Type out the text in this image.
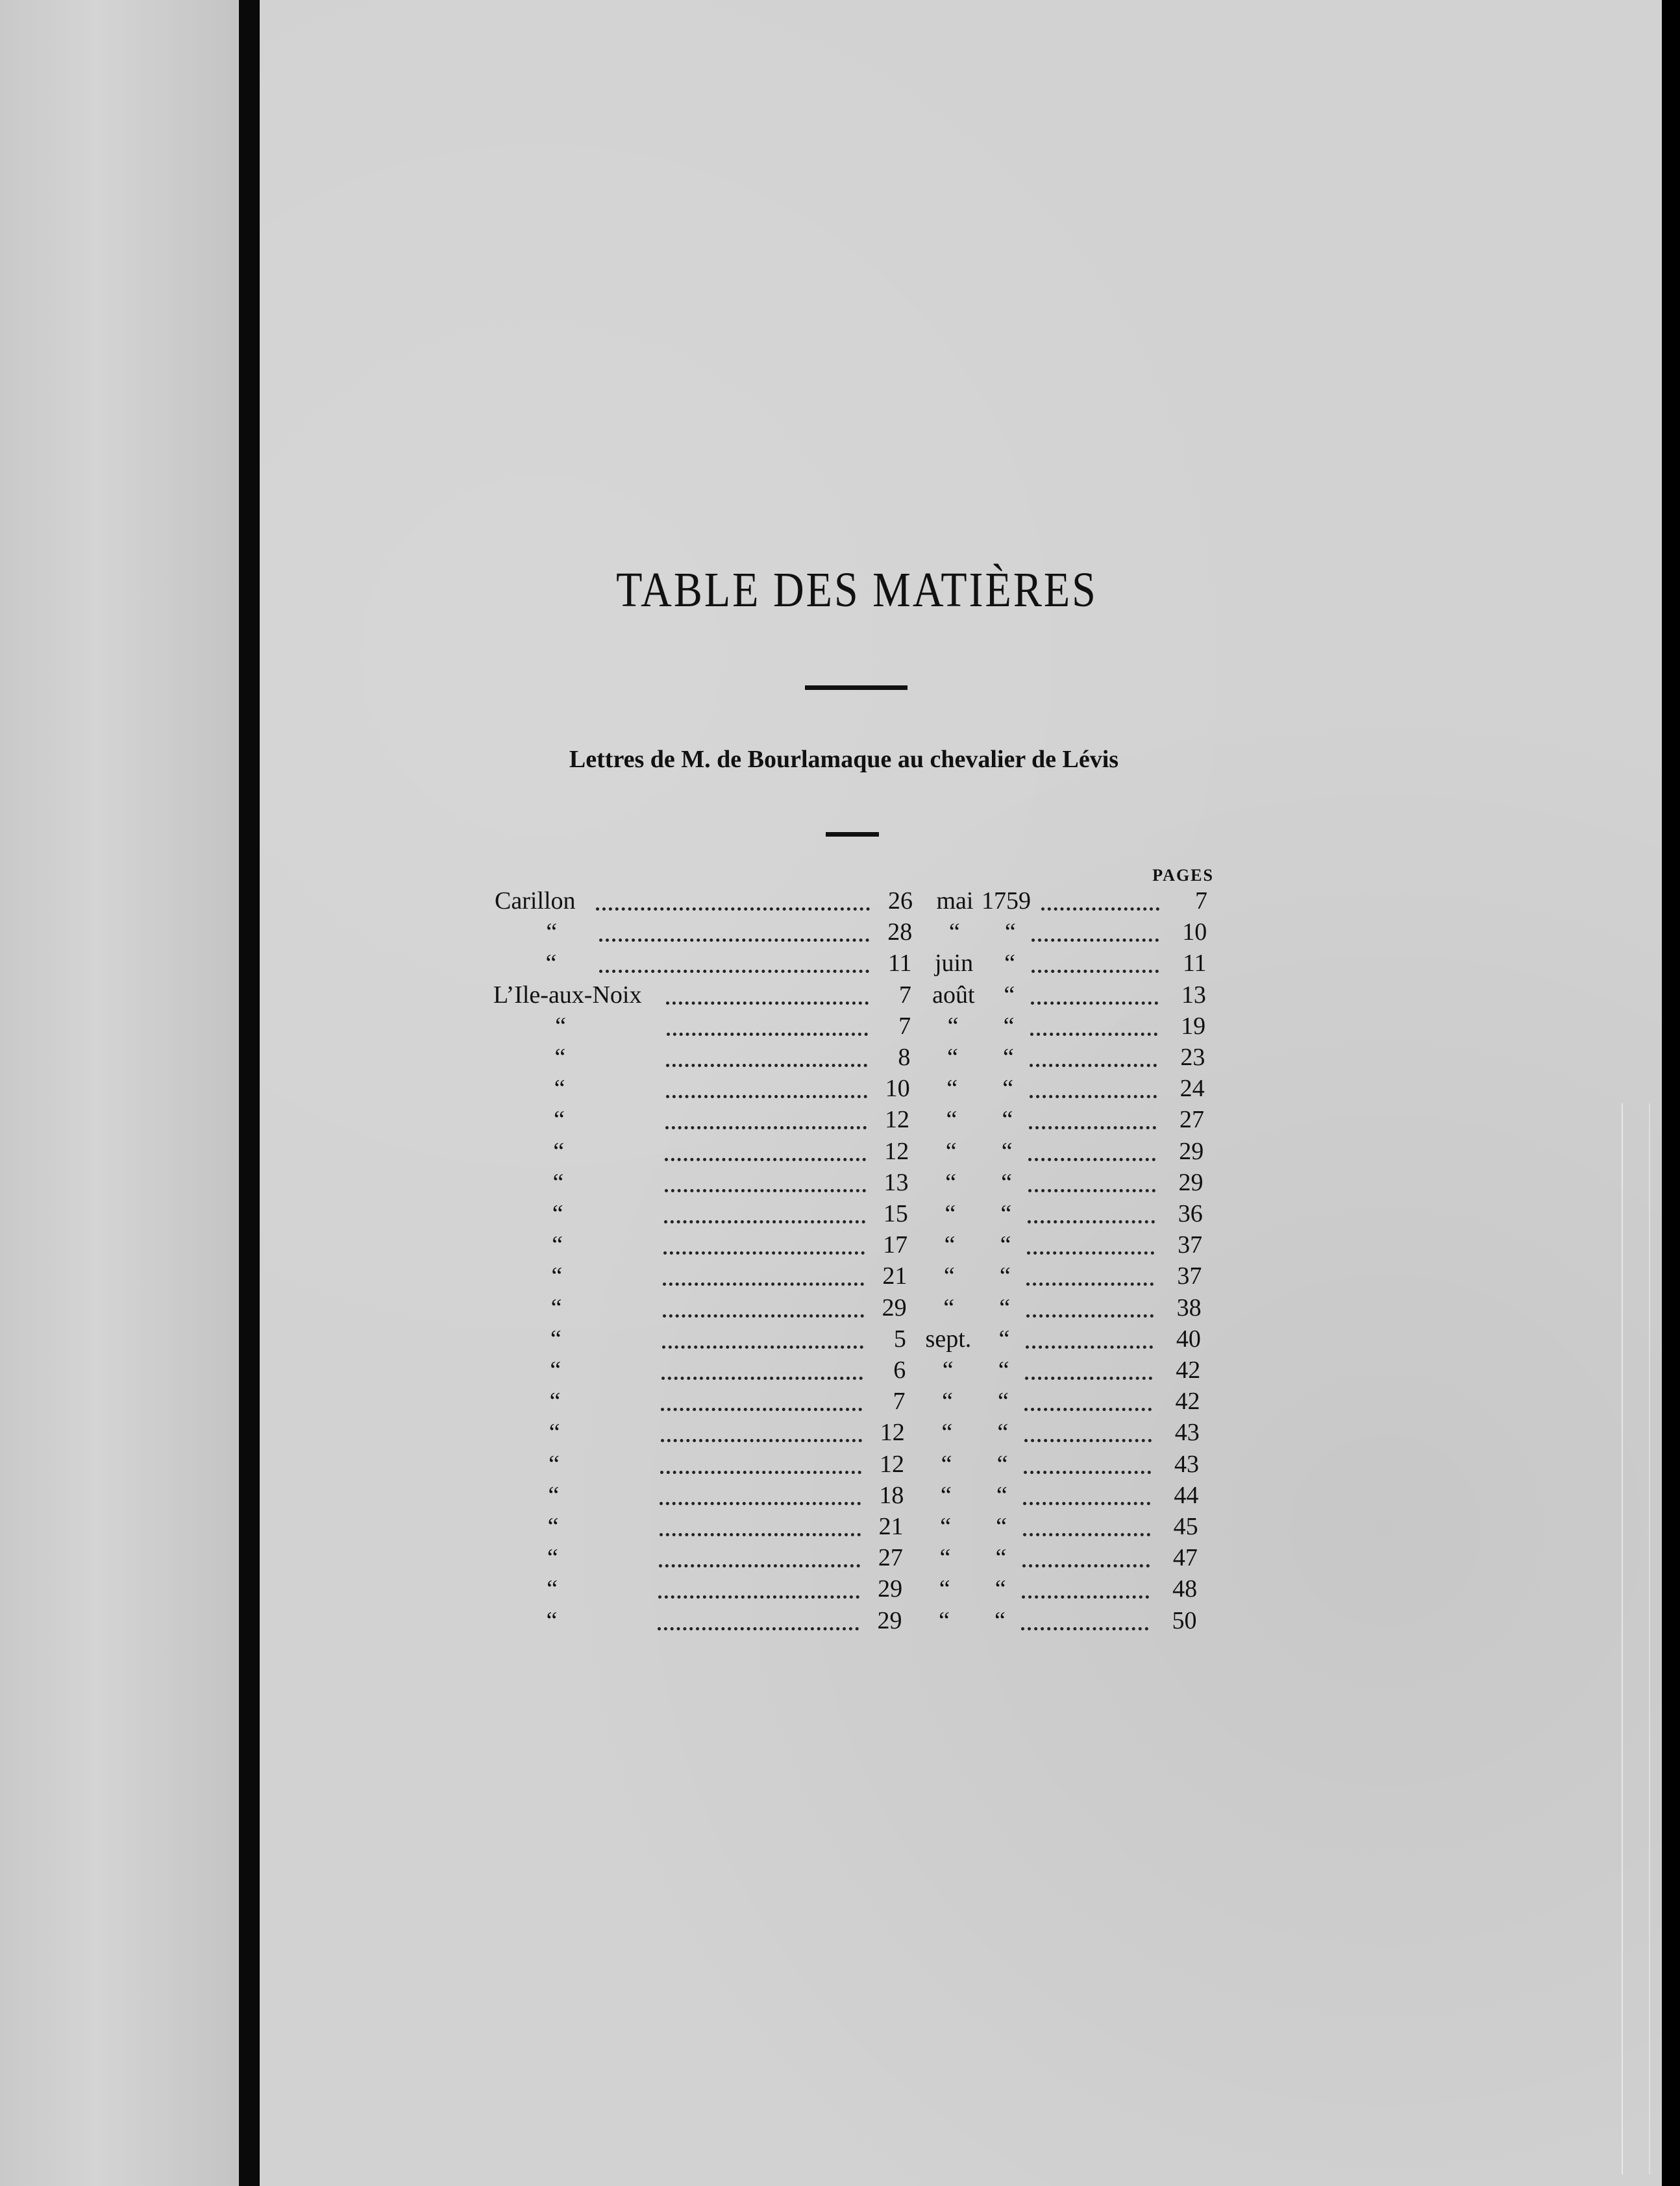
TABLE DES MATIÈRES
Lettres de M. de Bourlamaque au chevalier de Lévis
PAGES
Carillon	26 mai 1759	7
“	28	“	“	10
“	11 juin	“	11
L’Ile-aux-Noix	7 août	“	13
“	7	“	“	19
“	8	“	“	23
“	10	“	“	24
“	12	“	“	27
“	12	“	“	29
“	13	“	“	29
“	15	“	“	36
“	17	“	“	37
“	21	“	“	37
“	29	“	“	38
“	5 sept.	“	40
“	6	“	“	42
“	7	“	“	42
“	12	“	“	43
“	12	“	“	43
“	18	“	“	44
“	21	“	“	45
“	27	“	“	47
“	29	“	“	48
“	29	“	“	50
